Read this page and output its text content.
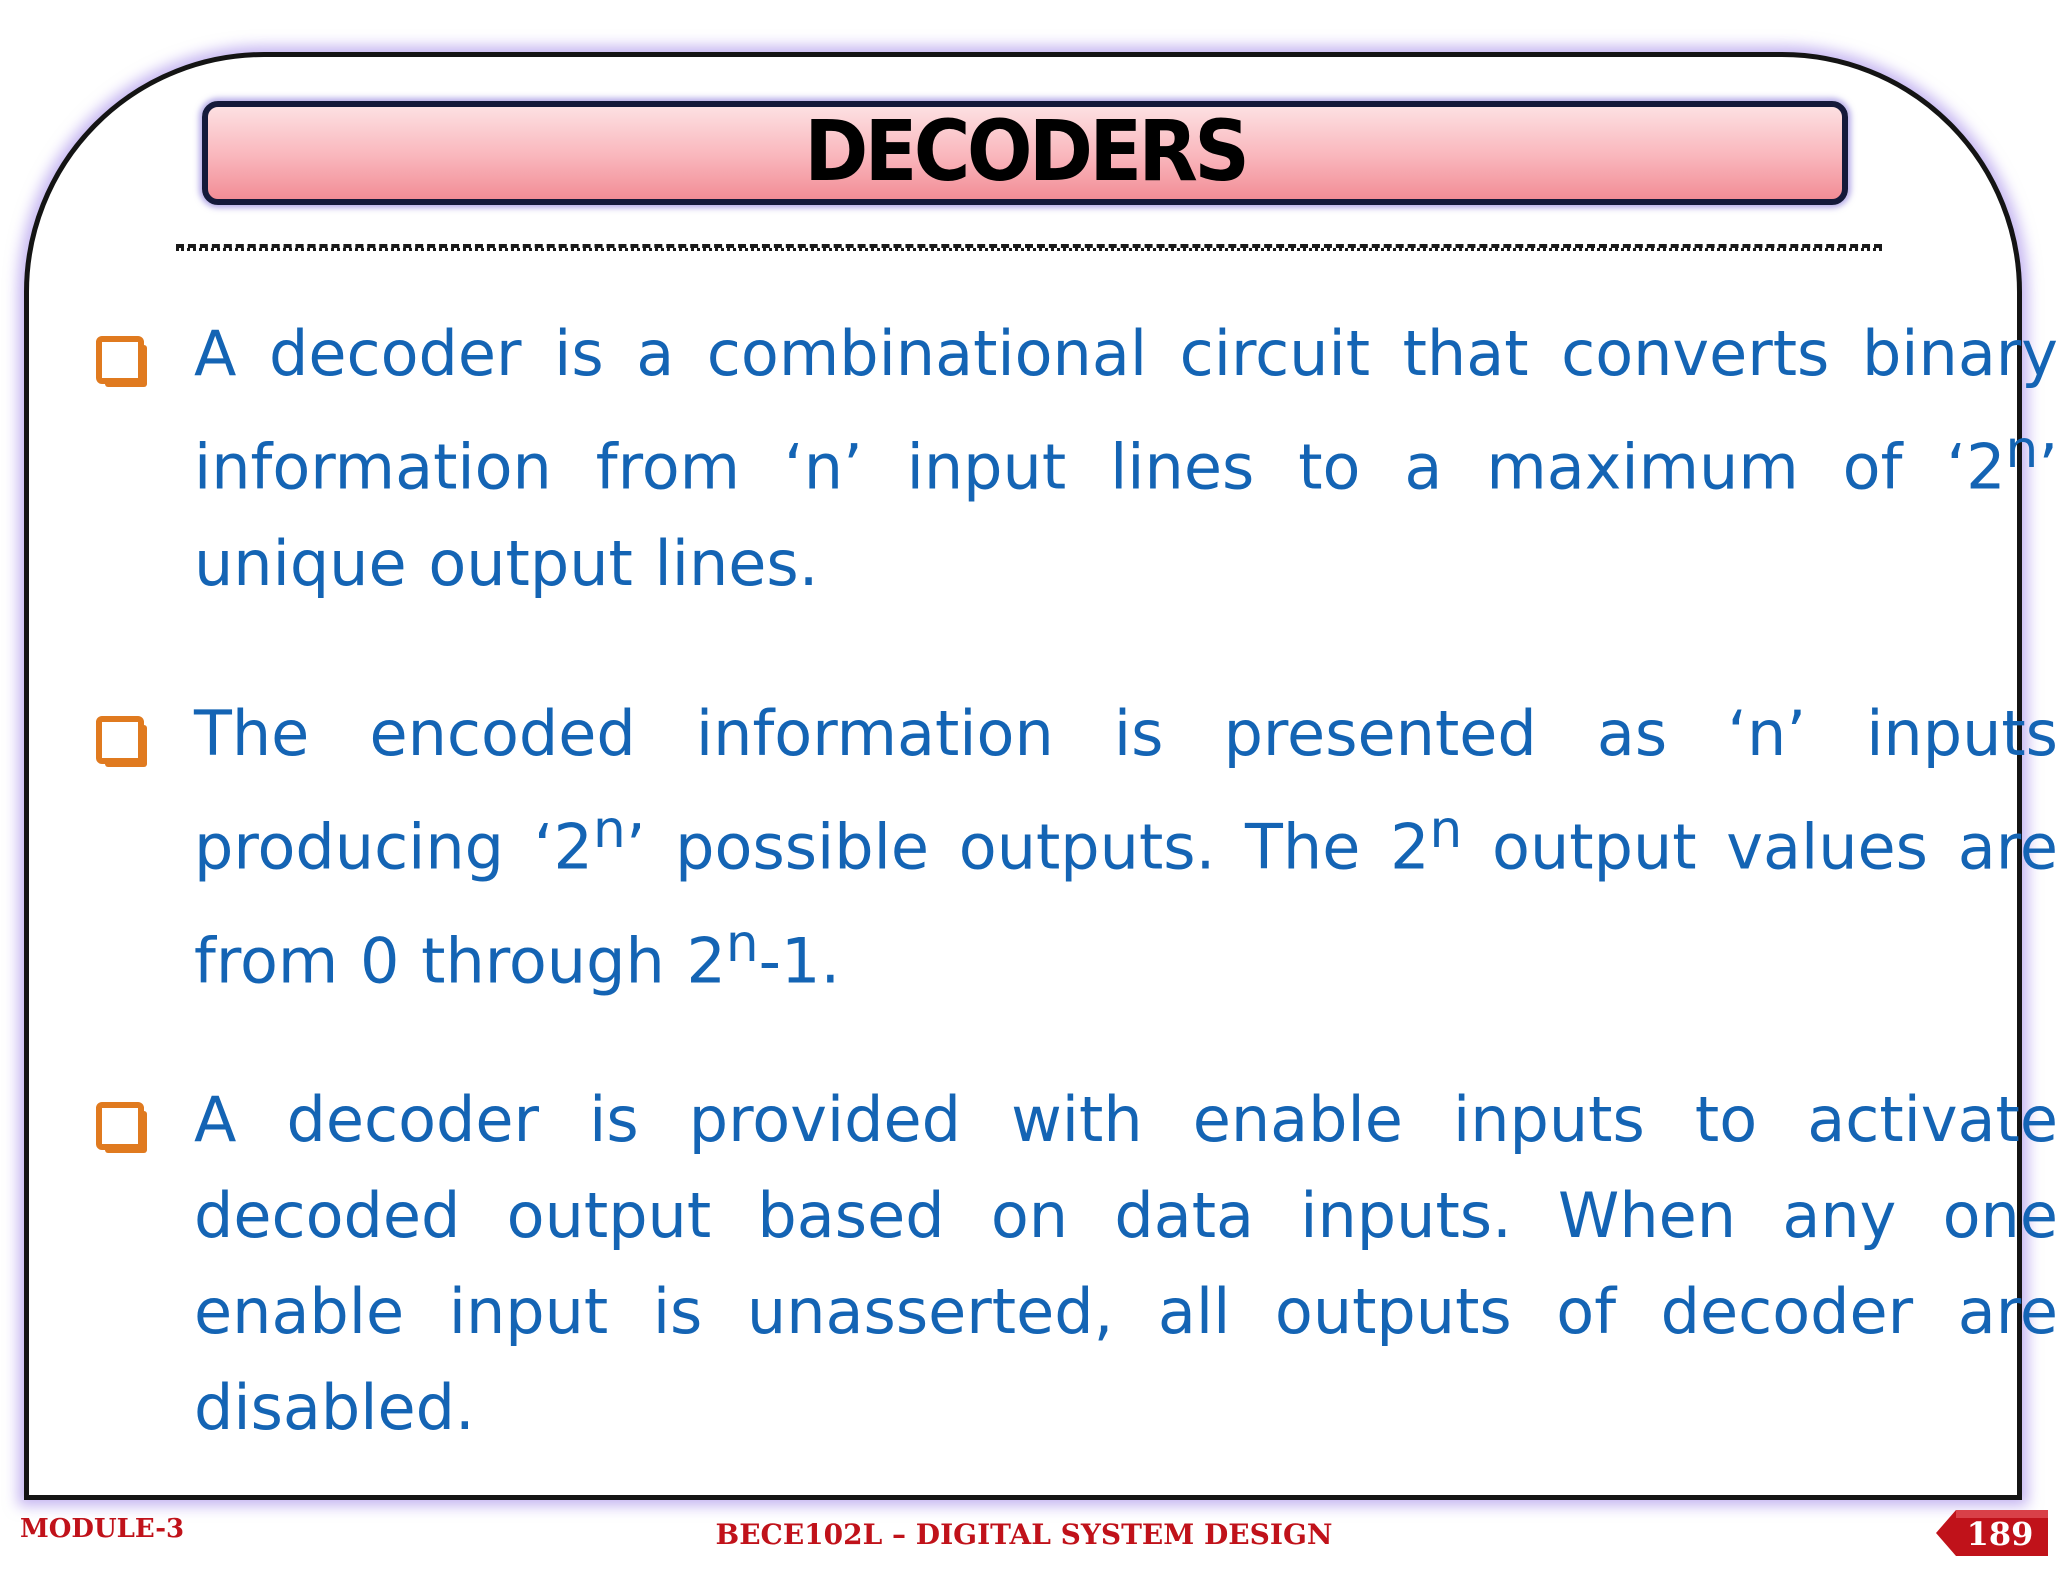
DECODERS
A decoder is a combinational circuit that converts binary information from ‘n’ input lines to a maximum of ‘2$^n$’ unique output lines.
The encoded information is presented as ‘n’ inputs producing ‘2$^n$’ possible outputs. The 2$^n$ output values are from 0 through 2$^n$-1.
A decoder is provided with enable inputs to activate decoded output based on data inputs. When any one enable input is unasserted, all outputs of decoder are disabled.
MODULE-3	BECE102L – DIGITAL SYSTEM DESIGN	189
